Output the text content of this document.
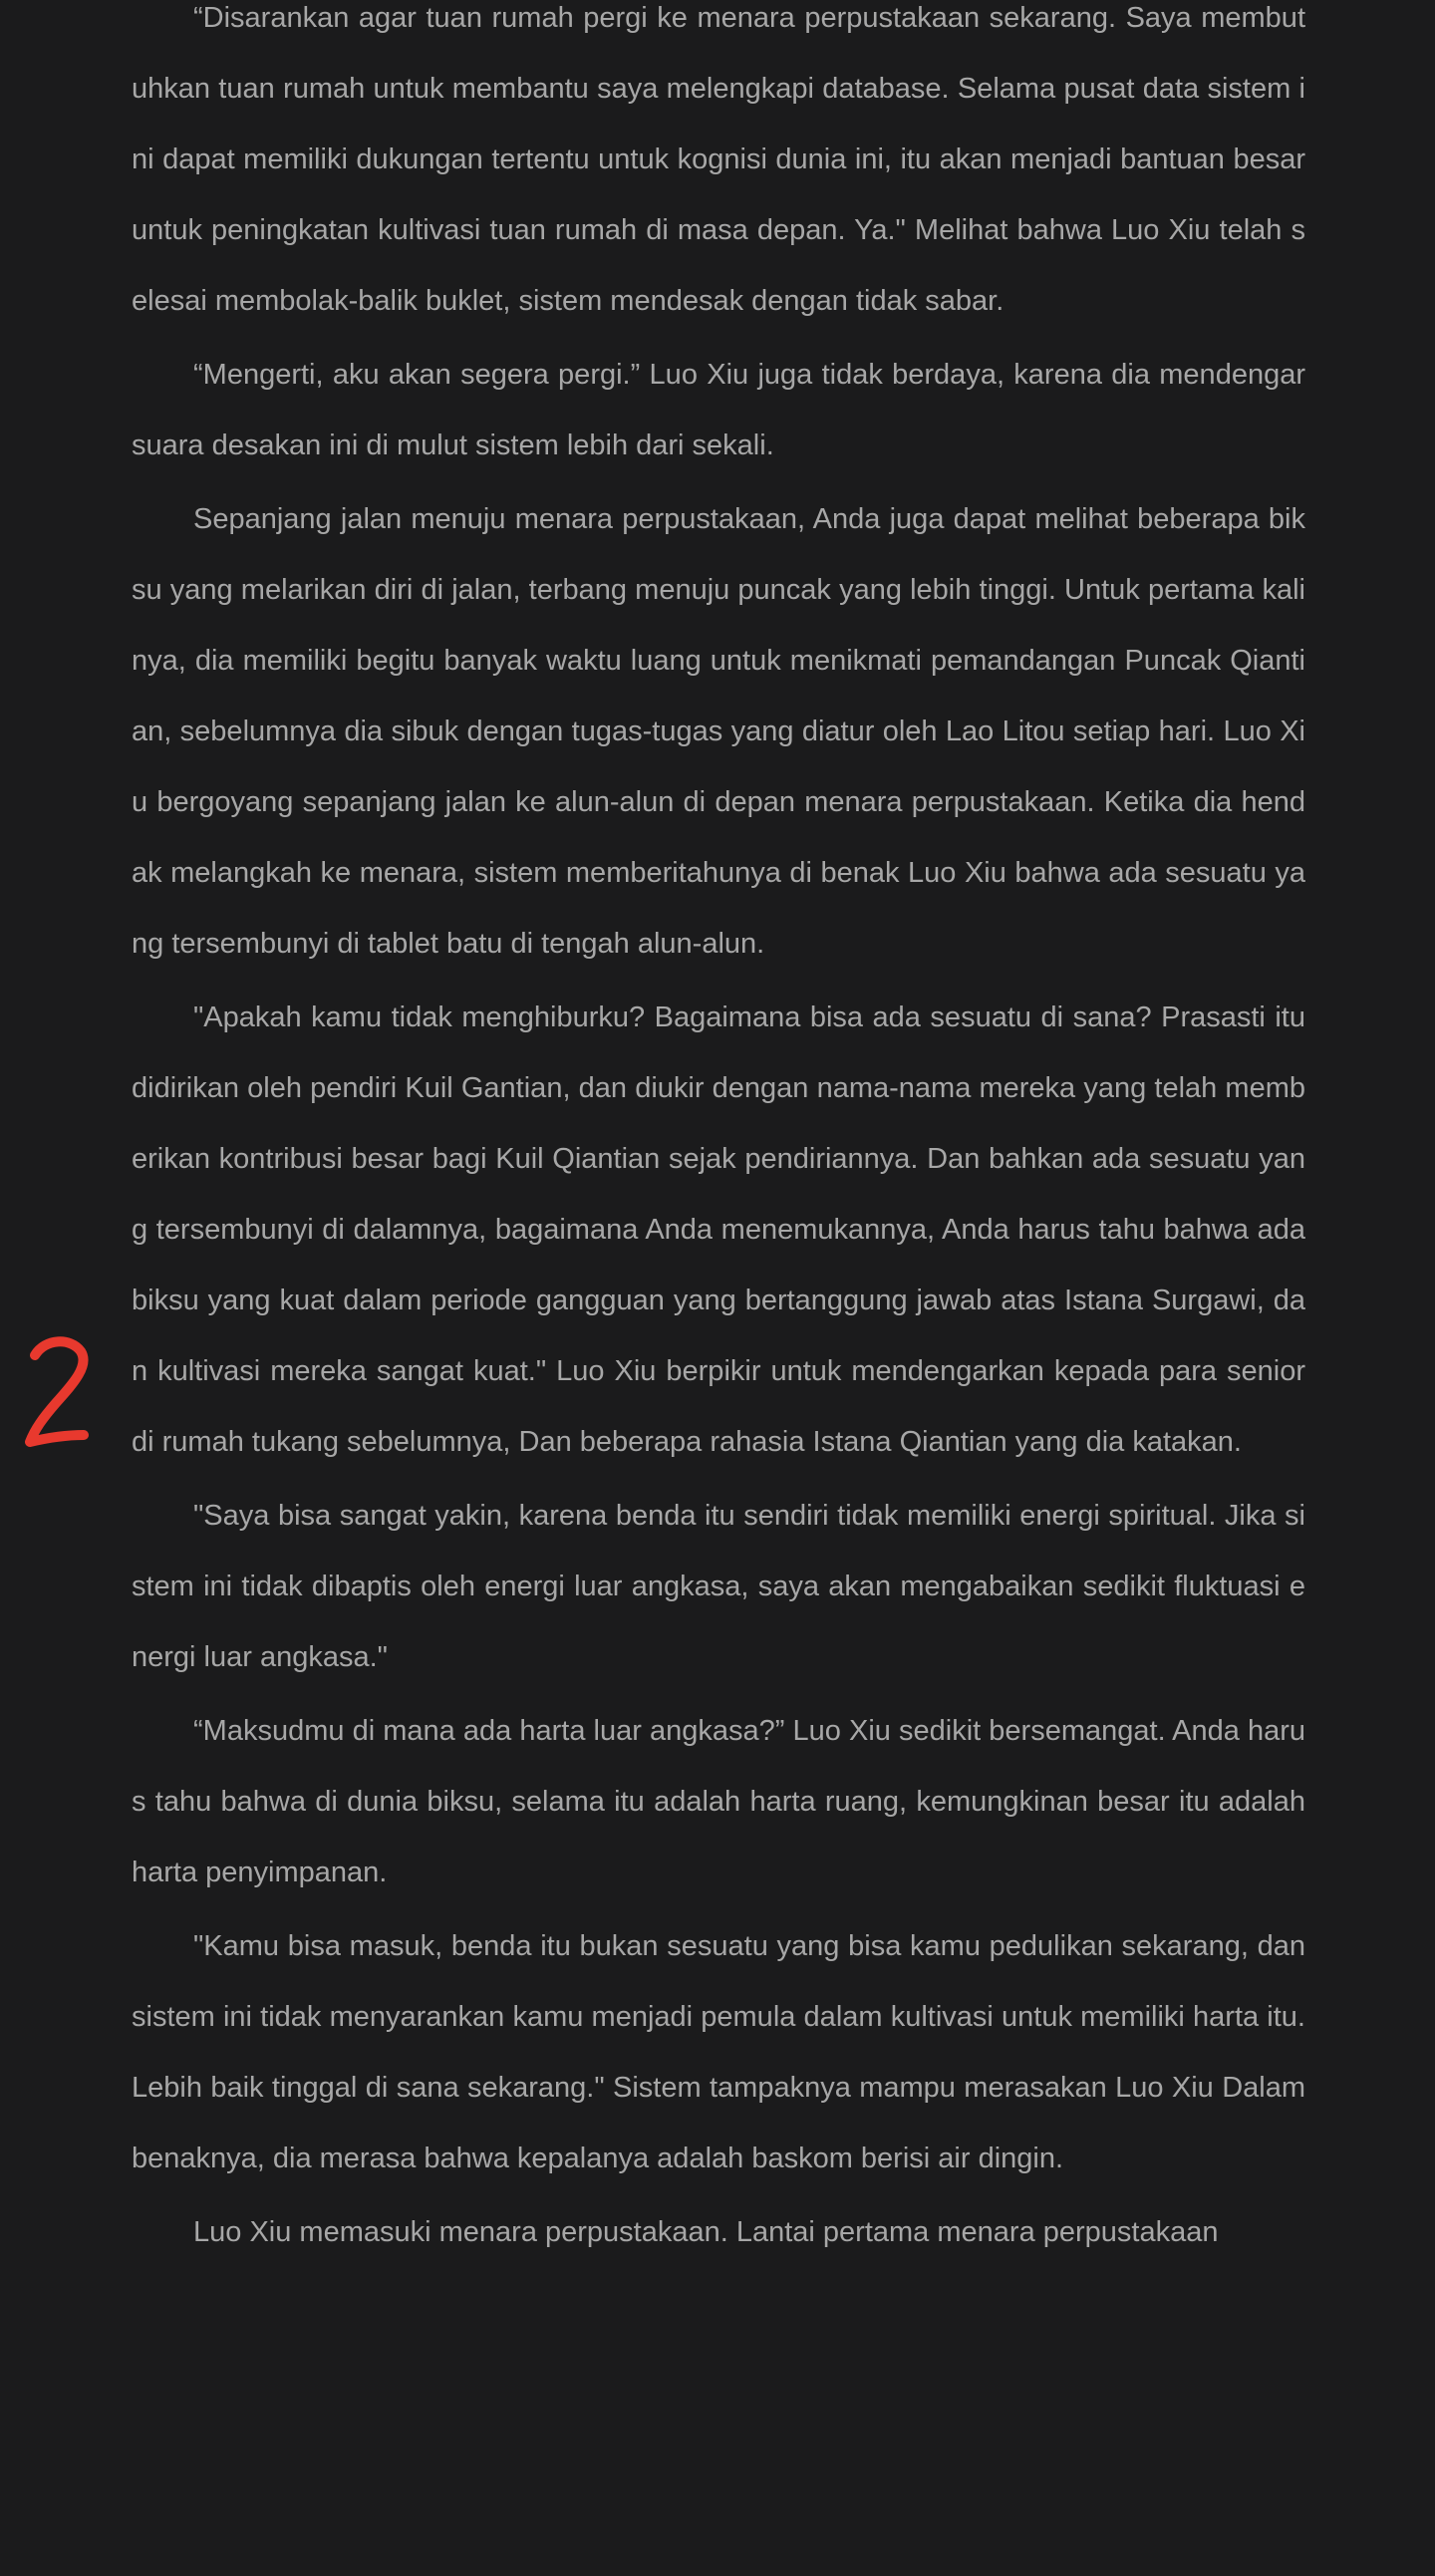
“Disarankan agar tuan rumah pergi ke menara perpustakaan sekarang. Saya membutuhkan tuan rumah untuk membantu saya melengkapi database. Selama pusat data sistem ini dapat memiliki dukungan tertentu untuk kognisi dunia ini, itu akan menjadi bantuan besar untuk peningkatan kultivasi tuan rumah di masa depan. Ya." Melihat bahwa Luo Xiu telah selesai membolak-balik buklet, sistem mendesak dengan tidak sabar.

“Mengerti, aku akan segera pergi.” Luo Xiu juga tidak berdaya, karena dia mendengar suara desakan ini di mulut sistem lebih dari sekali.

Sepanjang jalan menuju menara perpustakaan, Anda juga dapat melihat beberapa biksu yang melarikan diri di jalan, terbang menuju puncak yang lebih tinggi. Untuk pertama kalinya, dia memiliki begitu banyak waktu luang untuk menikmati pemandangan Puncak Qiantian, sebelumnya dia sibuk dengan tugas-tugas yang diatur oleh Lao Litou setiap hari. Luo Xiu bergoyang sepanjang jalan ke alun-alun di depan menara perpustakaan. Ketika dia hendak melangkah ke menara, sistem memberitahunya di benak Luo Xiu bahwa ada sesuatu yang tersembunyi di tablet batu di tengah alun-alun.

"Apakah kamu tidak menghiburku? Bagaimana bisa ada sesuatu di sana? Prasasti itu didirikan oleh pendiri Kuil Gantian, dan diukir dengan nama-nama mereka yang telah memberikan kontribusi besar bagi Kuil Qiantian sejak pendiriannya. Dan bahkan ada sesuatu yang tersembunyi di dalamnya, bagaimana Anda menemukannya, Anda harus tahu bahwa ada biksu yang kuat dalam periode gangguan yang bertanggung jawab atas Istana Surgawi, dan kultivasi mereka sangat kuat." Luo Xiu berpikir untuk mendengarkan kepada para senior di rumah tukang sebelumnya, Dan beberapa rahasia Istana Qiantian yang dia katakan.

"Saya bisa sangat yakin, karena benda itu sendiri tidak memiliki energi spiritual. Jika sistem ini tidak dibaptis oleh energi luar angkasa, saya akan mengabaikan sedikit fluktuasi energi luar angkasa."

“Maksudmu di mana ada harta luar angkasa?” Luo Xiu sedikit bersemangat. Anda harus tahu bahwa di dunia biksu, selama itu adalah harta ruang, kemungkinan besar itu adalah harta penyimpanan.

"Kamu bisa masuk, benda itu bukan sesuatu yang bisa kamu pedulikan sekarang, dan sistem ini tidak menyarankan kamu menjadi pemula dalam kultivasi untuk memiliki harta itu. Lebih baik tinggal di sana sekarang." Sistem tampaknya mampu merasakan Luo Xiu Dalam benaknya, dia merasa bahwa kepalanya adalah baskom berisi air dingin.

Luo Xiu memasuki menara perpustakaan. Lantai pertama menara perpustakaan
